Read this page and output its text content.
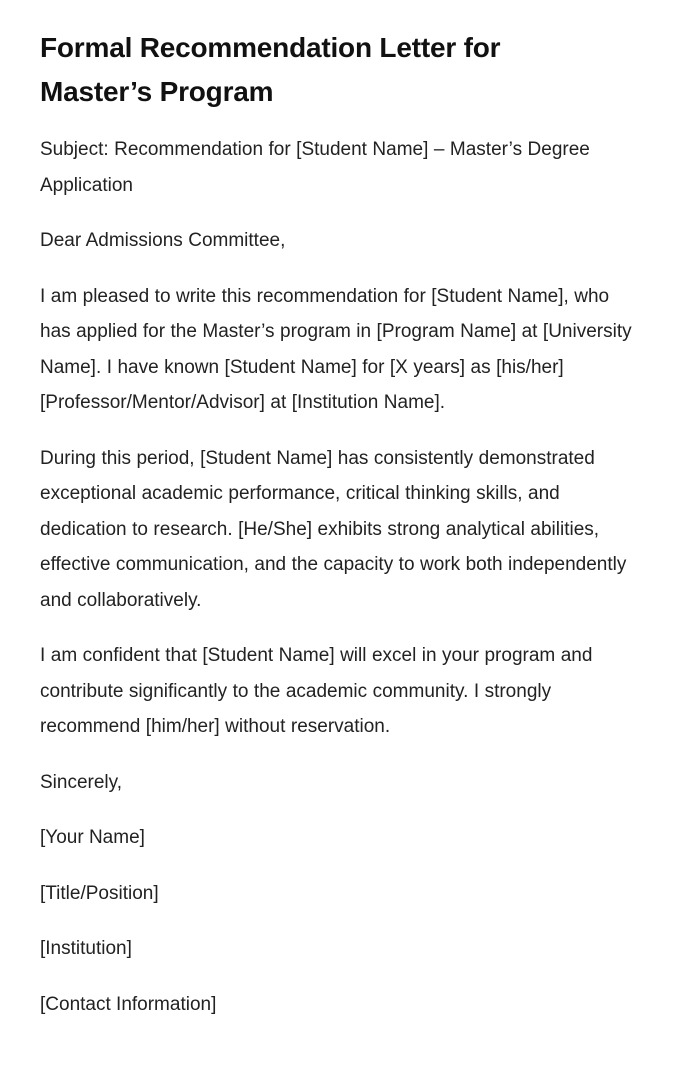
Formal Recommendation Letter for Master’s Program

Subject: Recommendation for [Student Name] – Master’s Degree Application

Dear Admissions Committee,

I am pleased to write this recommendation for [Student Name], who has applied for the Master’s program in [Program Name] at [University Name]. I have known [Student Name] for [X years] as [his/her] [Professor/Mentor/Advisor] at [Institution Name].

During this period, [Student Name] has consistently demonstrated exceptional academic performance, critical thinking skills, and dedication to research. [He/She] exhibits strong analytical abilities, effective communication, and the capacity to work both independently and collaboratively.

I am confident that [Student Name] will excel in your program and contribute significantly to the academic community. I strongly recommend [him/her] without reservation.

Sincerely,

[Your Name]

[Title/Position]

[Institution]

[Contact Information]
